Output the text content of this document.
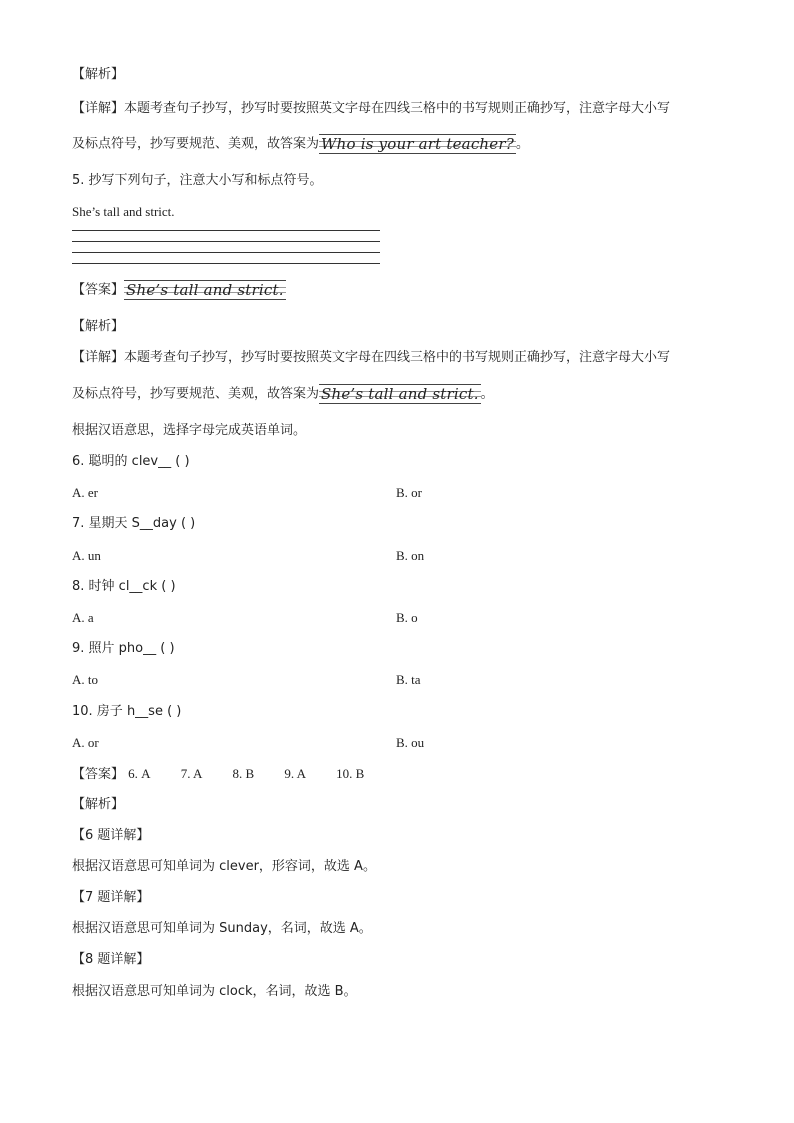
【解析】
【详解】本题考查句子抄写，抄写时要按照英文字母在四线三格中的书写规则正确抄写，注意字母大小写
及标点符号，抄写要规范、美观，故答案为 Who is your art teacher? 。
5. 抄写下列句子，注意大小写和标点符号。
She’s tall and strict.
【答案】 She’s tall and strict.
【解析】
【详解】本题考查句子抄写，抄写时要按照英文字母在四线三格中的书写规则正确抄写，注意字母大小写
及标点符号，抄写要规范、美观，故答案为 She’s tall and strict. 。
根据汉语意思，选择字母完成英语单词。
6. 聪明的 clev__ ( )
A. er	B. or
7. 星期天 S__day ( )
A. un	B. on
8. 时钟 cl__ck ( )
A. a	B. o
9. 照片 pho__ ( )
A. to	B. ta
10. 房子 h__se ( )
A. or	B. ou
【答案】 6. A 7. A 8. B 9. A 10. B
【解析】
【6 题详解】
根据汉语意思可知单词为 clever，形容词，故选 A。
【7 题详解】
根据汉语意思可知单词为 Sunday，名词，故选 A。
【8 题详解】
根据汉语意思可知单词为 clock，名词，故选 B。
